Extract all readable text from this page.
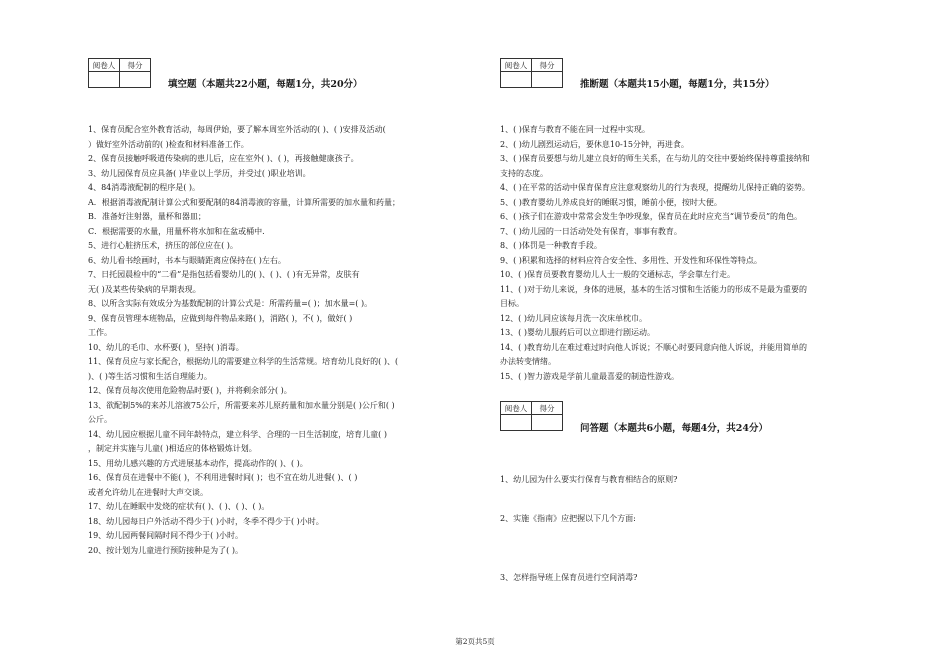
阅卷人	得分

填空题（本题共22小题，每题1分，共20分）
1、保育员配合室外教育活动，每周伊始，要了解本周室外活动的( )、( )安排及活动(
）做好室外活动前的( )检查和材料准备工作。
2、保育员接触呼吸道传染病的患儿后，应在室外( )、( )，再接触健康孩子。
3、幼儿园保育员应具备( )毕业以上学历，并受过( )职业培训。
4、84消毒液配制的程序是( )。
A．根据消毒液配制计算公式和要配制的84消毒液的容量，计算所需要的加水量和药量；
B．准备好注射器，量杯和器皿；
C．根据需要的水量，用量杯将水加和在盆或桶中.
5、进行心脏挤压术，挤压的部位应在( )。
6、幼儿看书绘画时，书本与眼睛距离应保持在( )左右。
7、日托园晨检中的“二看”是指包括看婴幼儿的( )、( )、( )有无异常，皮肤有
无( )及某些传染病的早期表现。
8、以所含实际有效成分为基数配制的计算公式是：所需药量=( )；加水量=( )。
9、保育员管理本班物品，应做到每件物品来路( )，消路( )，不( )，做好( )
工作。
10、幼儿的毛巾、水杯要( )，坚持( )消毒。
11、保育员应与家长配合，根据幼儿的需要建立科学的生活常规。培育幼儿良好的( )、(
)、( )等生活习惯和生活自理能力。
12、保育员每次使用危险物品时要( )，并将剩余部分( )。
13、欲配制5%的来苏儿溶液75公斤，所需要来苏儿原药量和加水量分别是( )公斤和( )
公斤。
14、幼儿园应根据儿童不同年龄特点，建立科学、合理的一日生活制度，培育儿童( )
，制定并实施与儿童( )相适应的体格锻炼计划。
15、用幼儿感兴趣的方式进展基本动作，提高动作的( )、( )。
16、保育员在进餐中不能( )，不利用进餐时间( )；也不宜在幼儿进餐( )、( )
或者允许幼儿在进餐时大声交谈。
17、幼儿在睡眠中发烧的症状有( )、( )、( )、( )。
18、幼儿园每日户外活动不得少于( )小时，冬季不得少于( )小时。
19、幼儿园两餐间隔时间不得少于( )小时。
20、按计划为儿童进行预防接种是为了( )。
阅卷人	得分

推断题（本题共15小题，每题1分，共15分）
1、( )保育与教育不能在同一过程中实现。
2、( )幼儿剧烈运动后，要休息10-15分钟，再进食。
3、( )保育员要想与幼儿建立良好的师生关系，在与幼儿的交往中要始终保持尊重接纳和
支持的态度。
4、( )在平常的活动中保育保育应注意观察幼儿的行为表现，提醒幼儿保持正确的姿势。
5、( )教育婴幼儿养成良好的睡眠习惯，睡前小便，按时大便。
6、( )孩子们在游戏中常常会发生争吵现象，保育员在此时应充当“调节委员”的角色。
7、( )幼儿园的一日活动处处有保育，事事有教育。
8、( )体罚是一种教育手段。
9、( )积累和选择的材料应符合安全性、多用性、开发性和环保性等特点。
10、( )保育员要教育婴幼儿人士一般的交通标志，学会靠左行走。
11、( )对于幼儿来说，身体的进展，基本的生活习惯和生活能力的形成不是最为重要的
目标。
12、( )幼儿同应该每月洗一次床单枕巾。
13、( )婴幼儿服药后可以立即进行剧运动。
14、( )教育幼儿在难过难过时向他人诉说；不顺心时要同意向他人诉说，并能用简单的
办法转变情绪。
15、( )智力游戏是学前儿童最喜爱的制造性游戏。
阅卷人	得分

问答题（本题共6小题，每题4分，共24分）
1、幼儿园为什么要实行保育与教育相结合的原则?
2、实施《指南》应把握以下几个方面:
3、怎样指导班上保育员进行空间消毒?
第2页共5页
